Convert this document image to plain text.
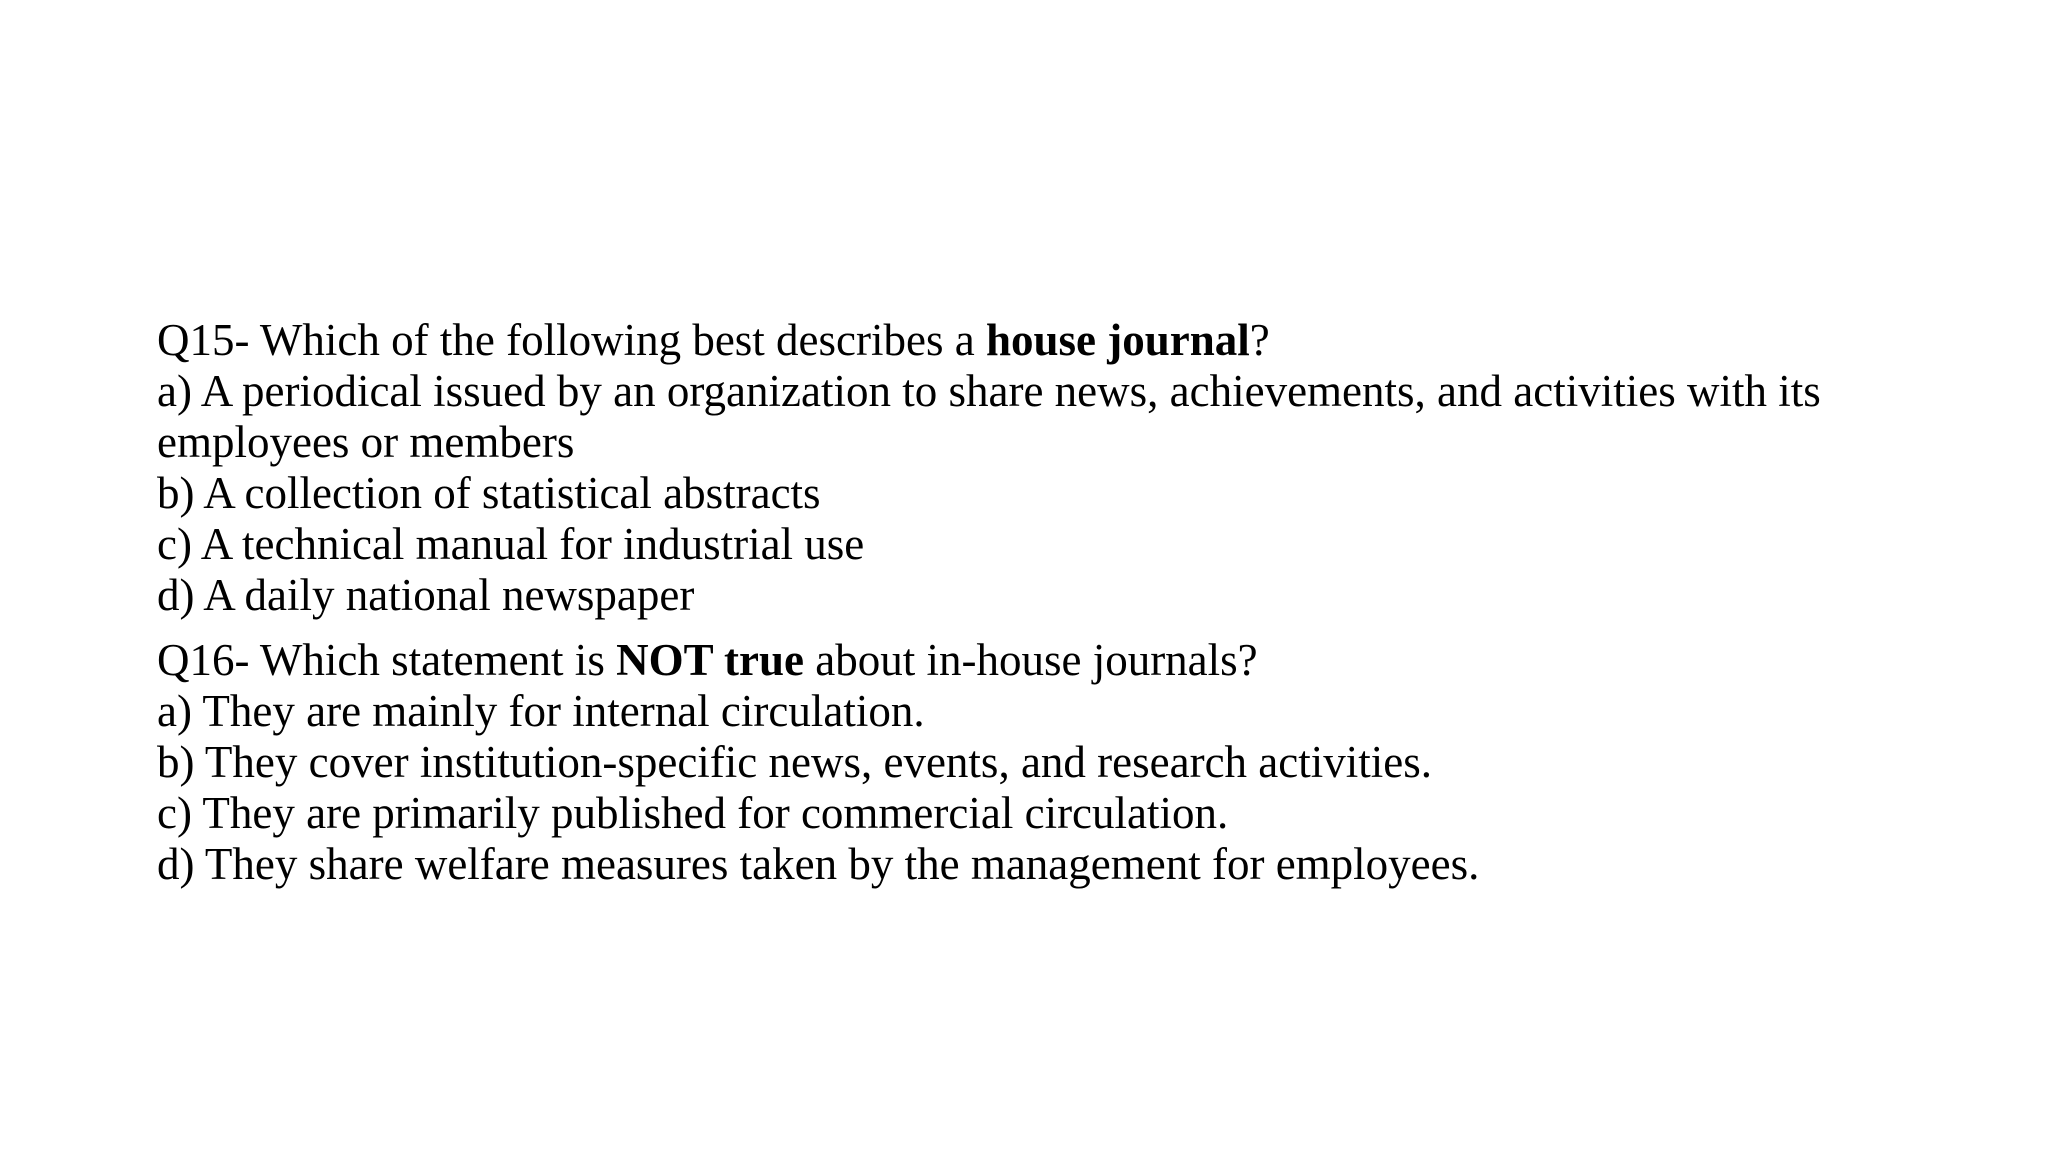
Q15- Which of the following best describes a house journal?

a) A periodical issued by an organization to share news, achievements, and activities with its employees or members

b) A collection of statistical abstracts

c) A technical manual for industrial use

d) A daily national newspaper

Q16- Which statement is NOT true about in-house journals?

a) They are mainly for internal circulation.

b) They cover institution-specific news, events, and research activities.

c) They are primarily published for commercial circulation.

d) They share welfare measures taken by the management for employees.
